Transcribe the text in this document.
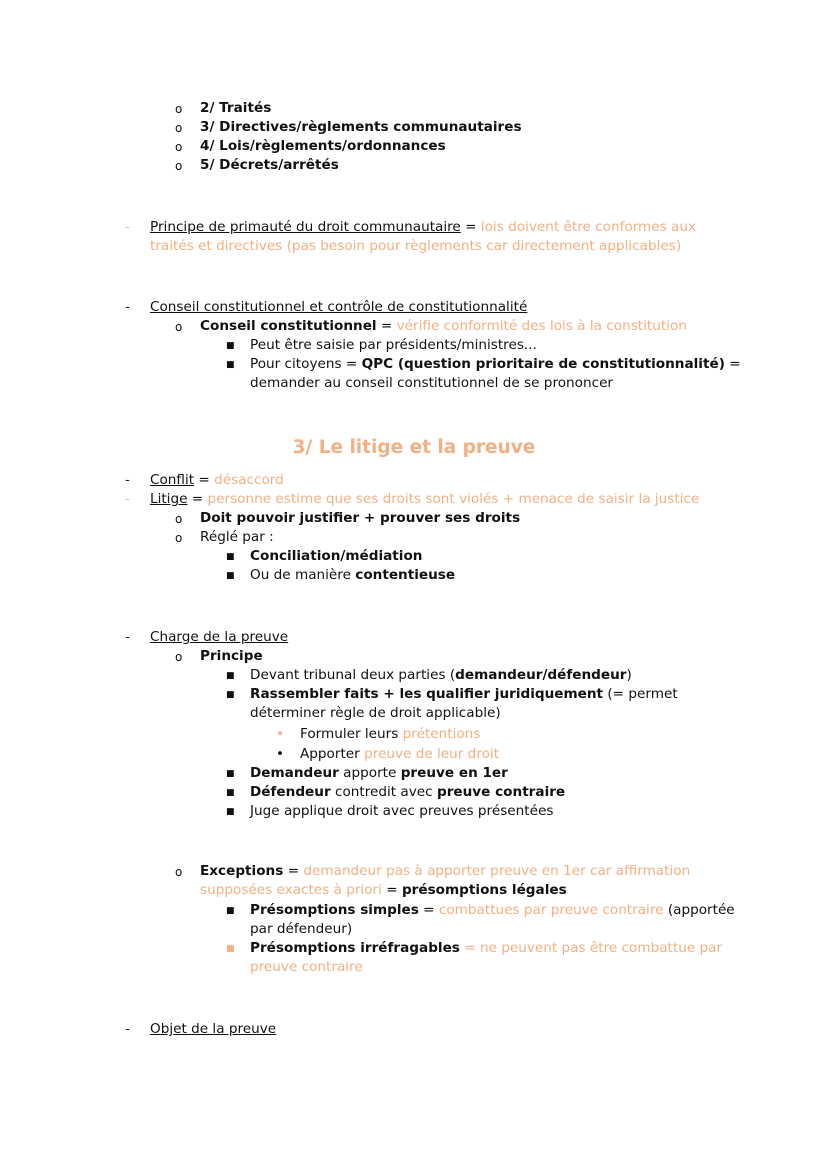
o 2/ Traités
o 3/ Directives/règlements communautaires
o 4/ Lois/règlements/ordonnances
o 5/ Décrets/arrêtés
- Principe de primauté du droit communautaire = lois doivent être conformes aux
traités et directives (pas besoin pour règlements car directement applicables)
- Conseil constitutionnel et contrôle de constitutionnalité
o Conseil constitutionnel = vérifie conformité des lois à la constitution
■ Peut être saisie par présidents/ministres...
■ Pour citoyens = QPC (question prioritaire de constitutionnalité) =
demander au conseil constitutionnel de se prononcer
3/ Le litige et la preuve
- Conflit = désaccord
- Litige = personne estime que ses droits sont violés + menace de saisir la justice
o Doit pouvoir justifier + prouver ses droits
o Réglé par :
■ Conciliation/médiation
■ Ou de manière contentieuse
- Charge de la preuve
o Principe
■ Devant tribunal deux parties (demandeur/défendeur)
■ Rassembler faits + les qualifier juridiquement (= permet
déterminer règle de droit applicable)
• Formuler leurs prétentions
• Apporter preuve de leur droit
■ Demandeur apporte preuve en 1er
■ Défendeur contredit avec preuve contraire
■ Juge applique droit avec preuves présentées
o Exceptions = demandeur pas à apporter preuve en 1er car affirmation
supposées exactes à priori = présomptions légales
■ Présomptions simples = combattues par preuve contraire (apportée
par défendeur)
■ Présomptions irréfragables = ne peuvent pas être combattue par
preuve contraire
- Objet de la preuve
